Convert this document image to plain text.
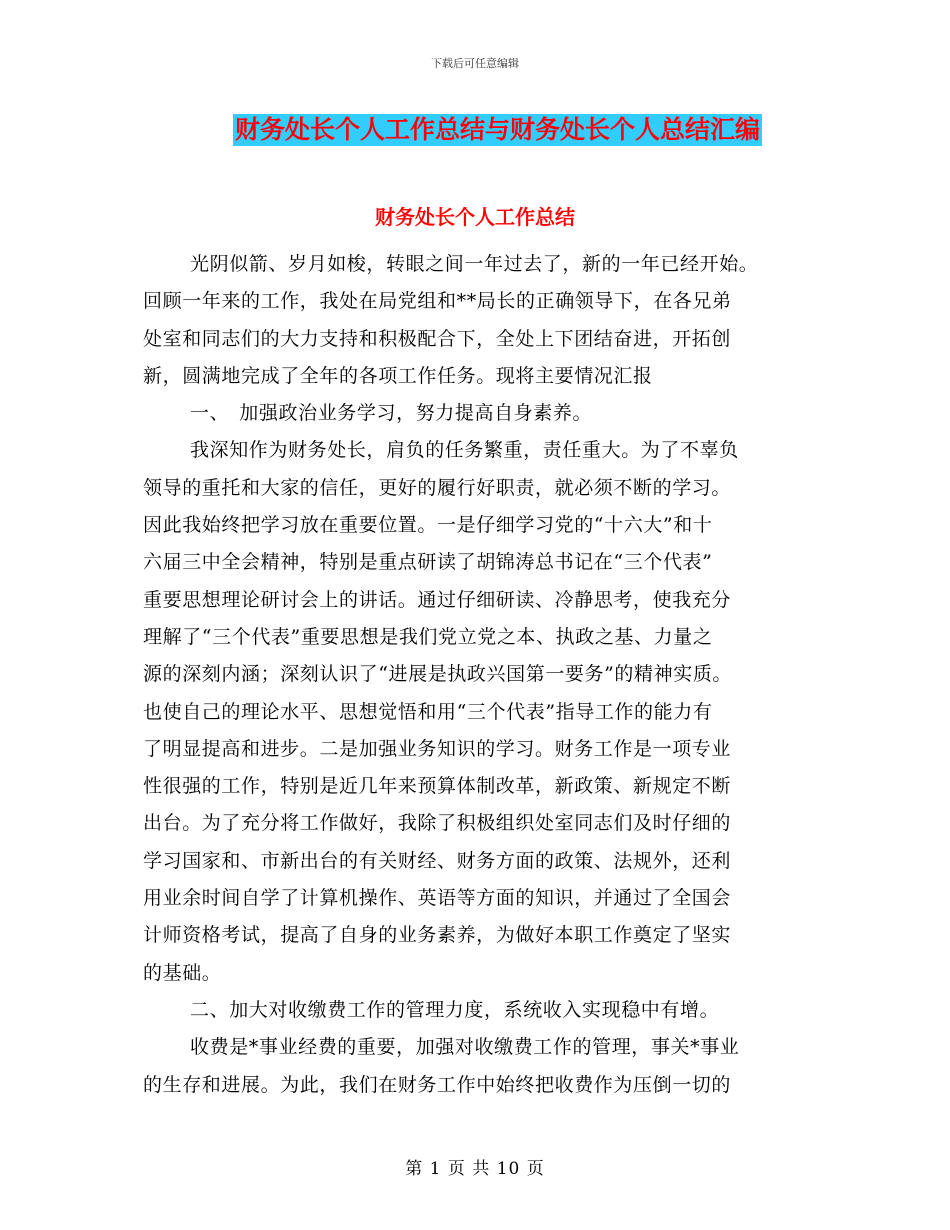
下载后可任意编辑
财务处长个人工作总结与财务处长个人总结汇编
财务处长个人工作总结
光阴似箭、岁月如梭，转眼之间一年过去了，新的一年已经开始。
回顾一年来的工作，我处在局党组和**局长的正确领导下，在各兄弟
处室和同志们的大力支持和积极配合下，全处上下团结奋进，开拓创
新，圆满地完成了全年的各项工作任务。现将主要情况汇报
一、　加强政治业务学习，努力提高自身素养。
我深知作为财务处长，肩负的任务繁重，责任重大。为了不辜负
领导的重托和大家的信任，更好的履行好职责，就必须不断的学习。
因此我始终把学习放在重要位置。一是仔细学习党的“十六大”和十
六届三中全会精神，特别是重点研读了胡锦涛总书记在“三个代表”
重要思想理论研讨会上的讲话。通过仔细研读、冷静思考，使我充分
理解了“三个代表”重要思想是我们党立党之本、执政之基、力量之
源的深刻内涵；深刻认识了“进展是执政兴国第一要务”的精神实质。
也使自己的理论水平、思想觉悟和用“三个代表”指导工作的能力有
了明显提高和进步。二是加强业务知识的学习。财务工作是一项专业
性很强的工作，特别是近几年来预算体制改革，新政策、新规定不断
出台。为了充分将工作做好，我除了积极组织处室同志们及时仔细的
学习国家和、市新出台的有关财经、财务方面的政策、法规外，还利
用业余时间自学了计算机操作、英语等方面的知识，并通过了全国会
计师资格考试，提高了自身的业务素养，为做好本职工作奠定了坚实
的基础。
二、加大对收缴费工作的管理力度，系统收入实现稳中有增。
收费是*事业经费的重要，加强对收缴费工作的管理，事关*事业
的生存和进展。为此，我们在财务工作中始终把收费作为压倒一切的
第 1 页 共 10 页
